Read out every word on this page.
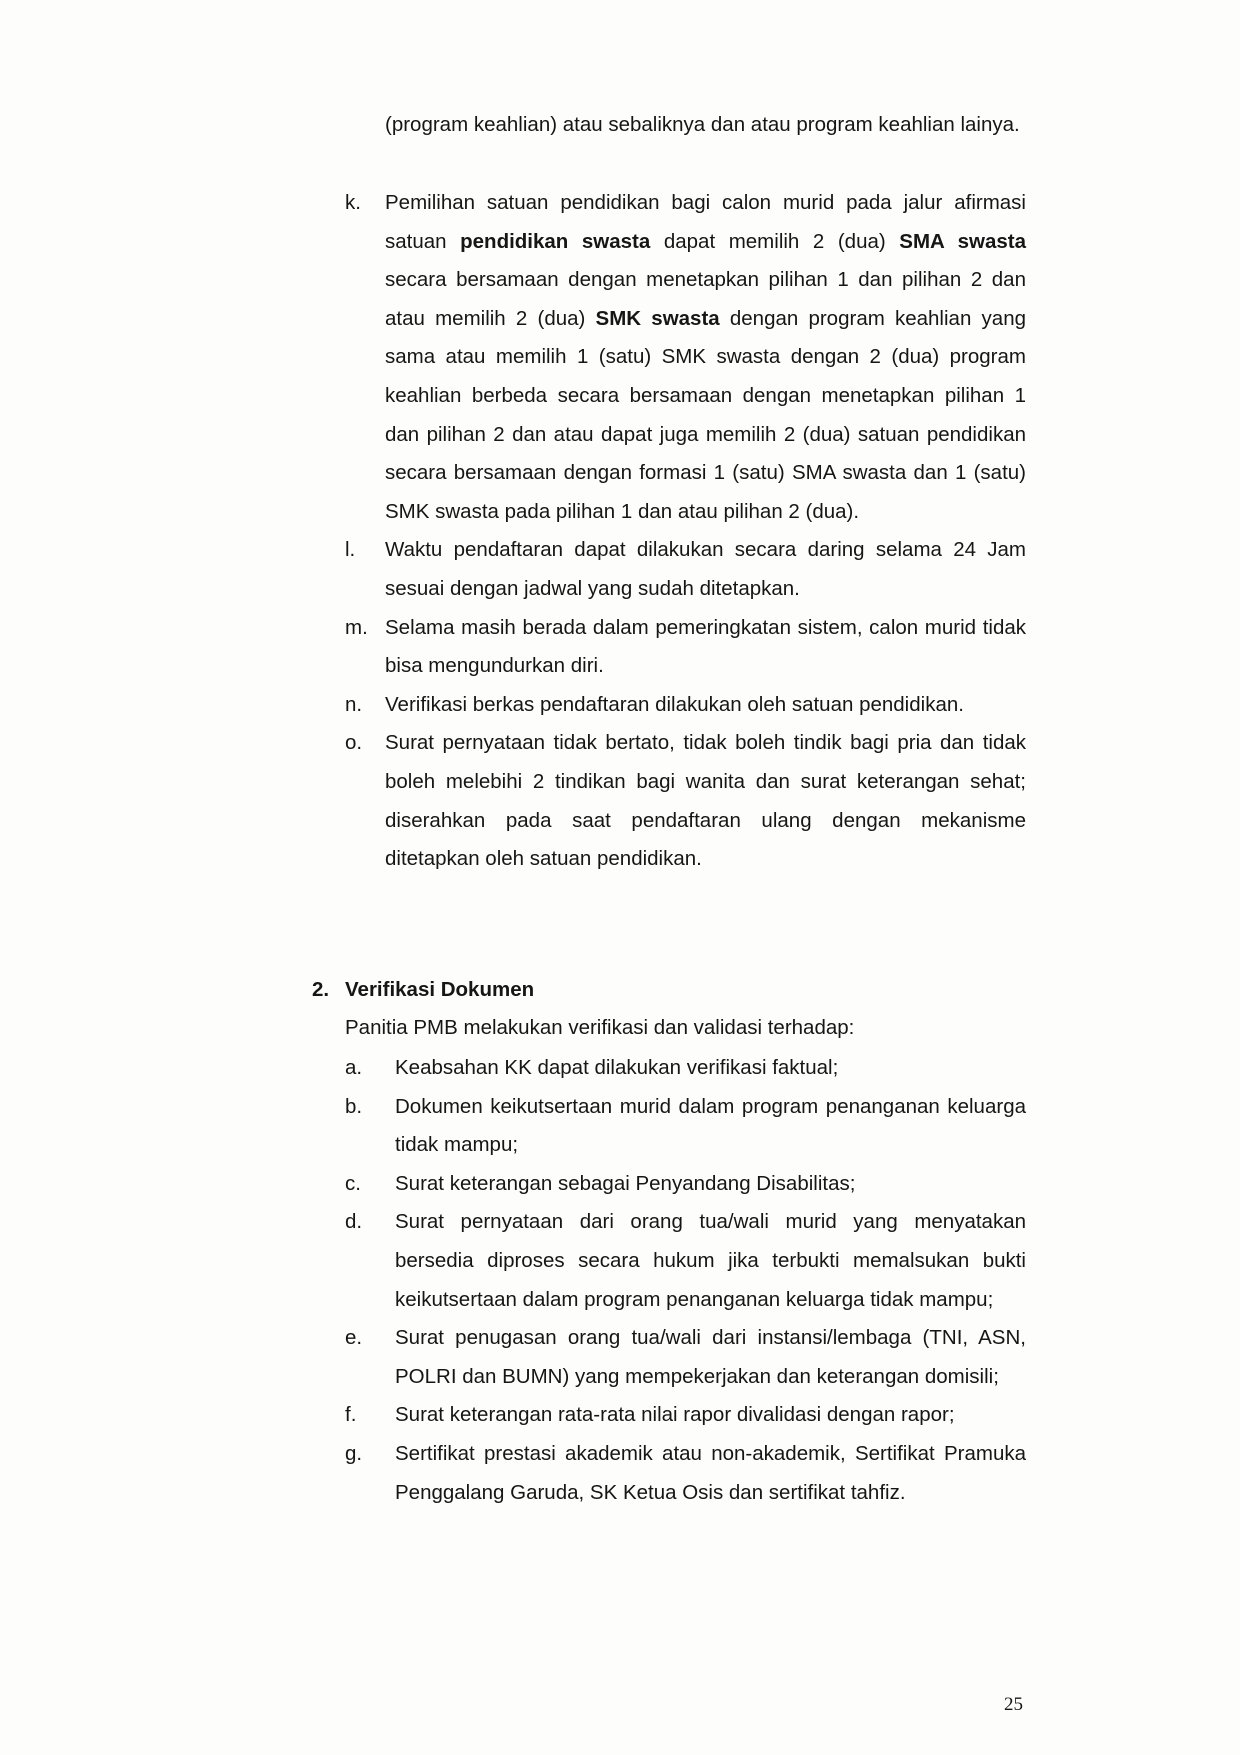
(program keahlian) atau sebaliknya dan atau program keahlian lainya.
k. Pemilihan satuan pendidikan bagi calon murid pada jalur afirmasi satuan pendidikan swasta dapat memilih 2 (dua) SMA swasta secara bersamaan dengan menetapkan pilihan 1 dan pilihan 2 dan atau memilih 2 (dua) SMK swasta dengan program keahlian yang sama atau memilih 1 (satu) SMK swasta dengan 2 (dua) program keahlian berbeda secara bersamaan dengan menetapkan pilihan 1 dan pilihan 2 dan atau dapat juga memilih 2 (dua) satuan pendidikan secara bersamaan dengan formasi 1 (satu) SMA swasta dan 1 (satu) SMK swasta pada pilihan 1 dan atau pilihan 2 (dua).
l. Waktu pendaftaran dapat dilakukan secara daring selama 24 Jam sesuai dengan jadwal yang sudah ditetapkan.
m. Selama masih berada dalam pemeringkatan sistem, calon murid tidak bisa mengundurkan diri.
n. Verifikasi berkas pendaftaran dilakukan oleh satuan pendidikan.
o. Surat pernyataan tidak bertato, tidak boleh tindik bagi pria dan tidak boleh melebihi 2 tindikan bagi wanita dan surat keterangan sehat; diserahkan pada saat pendaftaran ulang dengan mekanisme ditetapkan oleh satuan pendidikan.
2. Verifikasi Dokumen
Panitia PMB melakukan verifikasi dan validasi terhadap:
a. Keabsahan KK dapat dilakukan verifikasi faktual;
b. Dokumen keikutsertaan murid dalam program penanganan keluarga tidak mampu;
c. Surat keterangan sebagai Penyandang Disabilitas;
d. Surat pernyataan dari orang tua/wali murid yang menyatakan bersedia diproses secara hukum jika terbukti memalsukan bukti keikutsertaan dalam program penanganan keluarga tidak mampu;
e. Surat penugasan orang tua/wali dari instansi/lembaga (TNI, ASN, POLRI dan BUMN) yang mempekerjakan dan keterangan domisili;
f. Surat keterangan rata-rata nilai rapor divalidasi dengan rapor;
g. Sertifikat prestasi akademik atau non-akademik, Sertifikat Pramuka Penggalang Garuda, SK Ketua Osis dan sertifikat tahfiz.
25
